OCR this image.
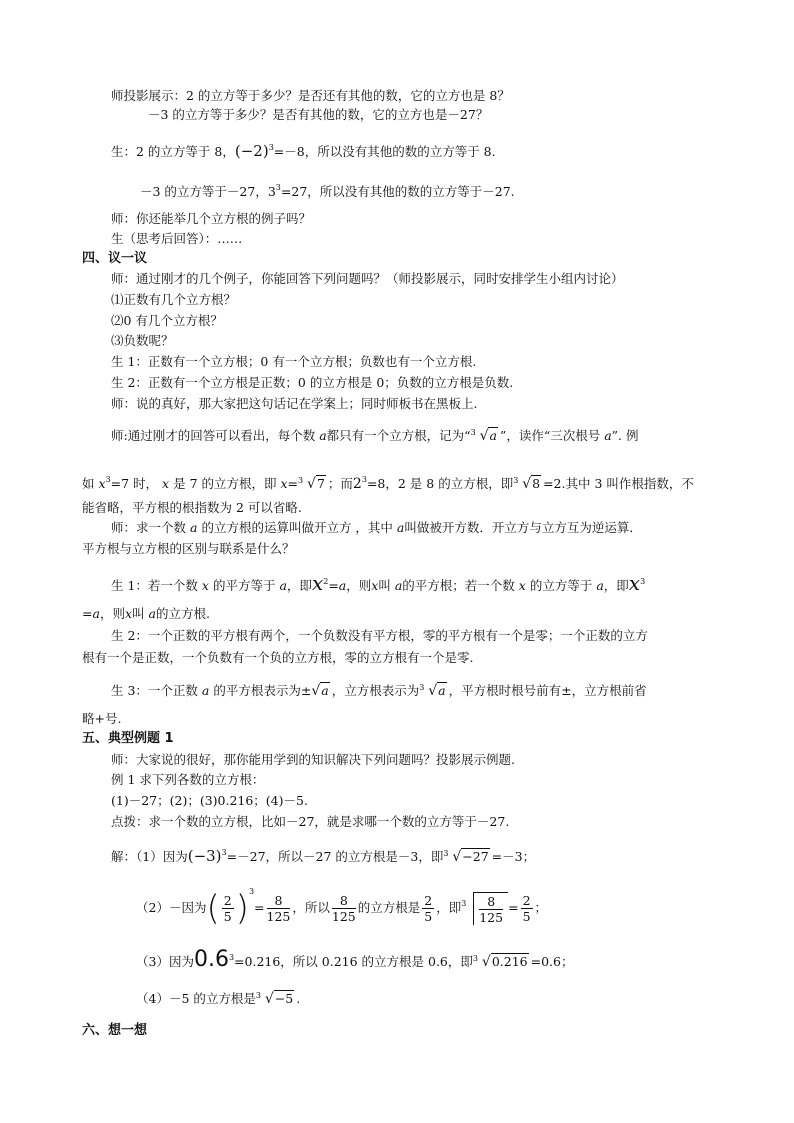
师投影展示：2 的立方等于多少？是否还有其他的数，它的立方也是 8？
－3 的立方等于多少？是否有其他的数，它的立方也是－27？
生：2 的立方等于 8，$(-2)^3=-8$，所以没有其他的数的立方等于 8.
－3 的立方等于－27，$3^3=27$，所以没有其他的数的立方等于－27.
师：你还能举几个立方根的例子吗？
生（思考后回答）：……
四、议一议
师：通过刚才的几个例子，你能回答下列问题吗？（师投影展示，同时安排学生小组内讨论）
⑴正数有几个立方根？
⑵0 有几个立方根？
⑶负数呢？
生 1：正数有一个立方根；0 有一个立方根；负数也有一个立方根.
生 2：正数有一个立方根是正数；0 的立方根是 0；负数的立方根是负数.
师：说的真好，那大家把这句话记在学案上；同时师板书在黑板上.
师:通过刚才的回答可以看出，每个数 a都只有一个立方根，记为“ 3 √a ”，读作“三次根号 a”. 例
如 $x^3=7$ 时， x 是 7 的立方根，即 x= 3 √7 ；而$2^3=8$，2 是 8 的立方根，即 3 √8 =2.其中 3 叫作根指数，不
能省略，平方根的根指数为 2 可以省略.
师：求一个数 a 的立方根的运算叫做开立方 ，其中 a叫做被开方数．开立方与立方互为逆运算．
平方根与立方根的区别与联系是什么？
生 1：若一个数 x 的平方等于 a，即$x^2=a$，则x叫 a的平方根；若一个数 x 的立方等于 a，即$x^3$
=a，则x叫 a的立方根.
生 2：一个正数的平方根有两个，一个负数没有平方根，零的平方根有一个是零；一个正数的立方
根有一个是正数，一个负数有一个负的立方根，零的立方根有一个是零.
生 3：一个正数 a 的平方根表示为±√a ，立方根表示为 3 √a ，平方根时根号前有±，立方根前省
略+号.
五、典型例题 1
师：大家说的很好，那你能用学到的知识解决下列问题吗？投影展示例题.
例 1 求下列各数的立方根：
(1)－27；(2)；(3)0.216；(4)－5.
点拨：求一个数的立方根，比如－27，就是求哪一个数的立方等于－27.
解：（1）因为$(-3)^3=-27$，所以－27 的立方根是－3，即 3 √−27 =－3；
（2）－因为( $\frac{2}{5} )^3= \frac{8}{125}$ ，所以 $\frac{8}{125}$ 的立方根是 $\frac{2}{5}$ ，即 $3 \frac{8}{125} = \frac{2}{5}$ ；
（3）因为$0.6^3=0.216$，所以 0.216 的立方根是 0.6，即 3 √0.216 =0.6；
（4）－5 的立方根是 3 √−5 .
六、想一想
